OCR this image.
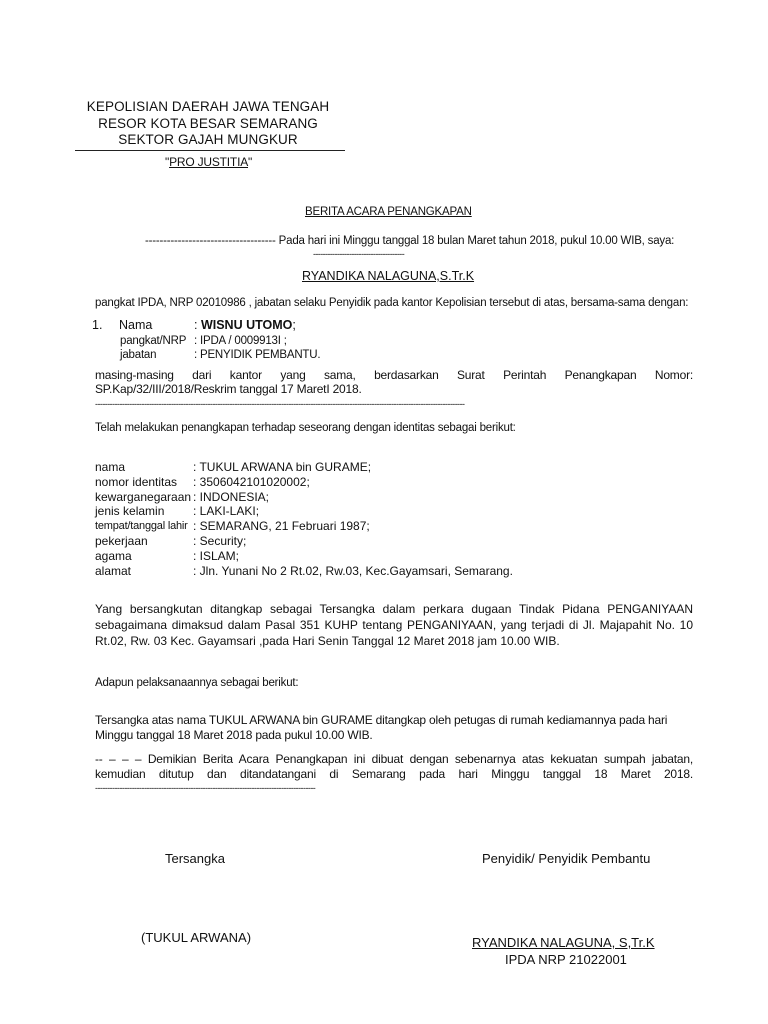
KEPOLISIAN DAERAH JAWA TENGAH
RESOR KOTA BESAR SEMARANG
SEKTOR GAJAH MUNGKUR
"PRO JUSTITIA"
BERITA ACARA PENANGKAPAN
------------------------------------ Pada hari ini Minggu tanggal 18 bulan Maret tahun 2018, pukul 10.00 WIB, saya:
--------------------------------------
RYANDIKA NALAGUNA,S.Tr.K
pangkat IPDA, NRP 02010986 , jabatan selaku Penyidik pada kantor Kepolisian tersebut di atas, bersama-sama dengan:
1. Nama	: WISNU UTOMO;
pangkat/NRP : IPDA / 0009913I ;
jabatan	: PENYIDIK PEMBANTU.
masing-masing dari kantor yang sama, berdasarkan Surat Perintah Penangkapan Nomor: SP.Kap/32/III/2018/Reskrim tanggal 17 MaretI 2018.
-------------------------------------------------------------------------------------------------------------------------------------------------------
Telah melakukan penangkapan terhadap seseorang dengan identitas sebagai berikut:
nama	: TUKUL ARWANA bin GURAME;
nomor identitas : 3506042101020002;
kewarganegaraan : INDONESIA;
jenis kelamin : LAKI-LAKI;
tempat/tanggal lahir : SEMARANG, 21 Februari 1987;
pekerjaan	: Security;
agama	: ISLAM;
alamat	: Jln. Yunani No 2 Rt.02, Rw.03, Kec.Gayamsari, Semarang.
Yang bersangkutan ditangkap sebagai Tersangka dalam perkara dugaan Tindak Pidana PENGANIYAAN sebagaimana dimaksud dalam Pasal 351 KUHP tentang PENGANIYAAN, yang terjadi di Jl. Majapahit No. 10 Rt.02, Rw. 03 Kec. Gayamsari ,pada Hari Senin Tanggal 12 Maret 2018 jam 10.00 WIB.
Adapun pelaksanaannya sebagai berikut:
Tersangka atas nama TUKUL ARWANA bin GURAME ditangkap oleh petugas di rumah kediamannya pada hari Minggu tanggal 18 Maret 2018 pada pukul 10.00 WIB.
-- – – – Demikian Berita Acara Penangkapan ini dibuat dengan sebenarnya atas kekuatan sumpah jabatan, kemudian ditutup dan ditandatangani di Semarang pada hari Minggu tanggal 18 Maret 2018.
------------------------------------------------------------------------------------------
Tersangka	Penyidik/ Penyidik Pembantu
(TUKUL ARWANA)	RYANDIKA NALAGUNA, S,Tr.K
IPDA NRP 21022001
